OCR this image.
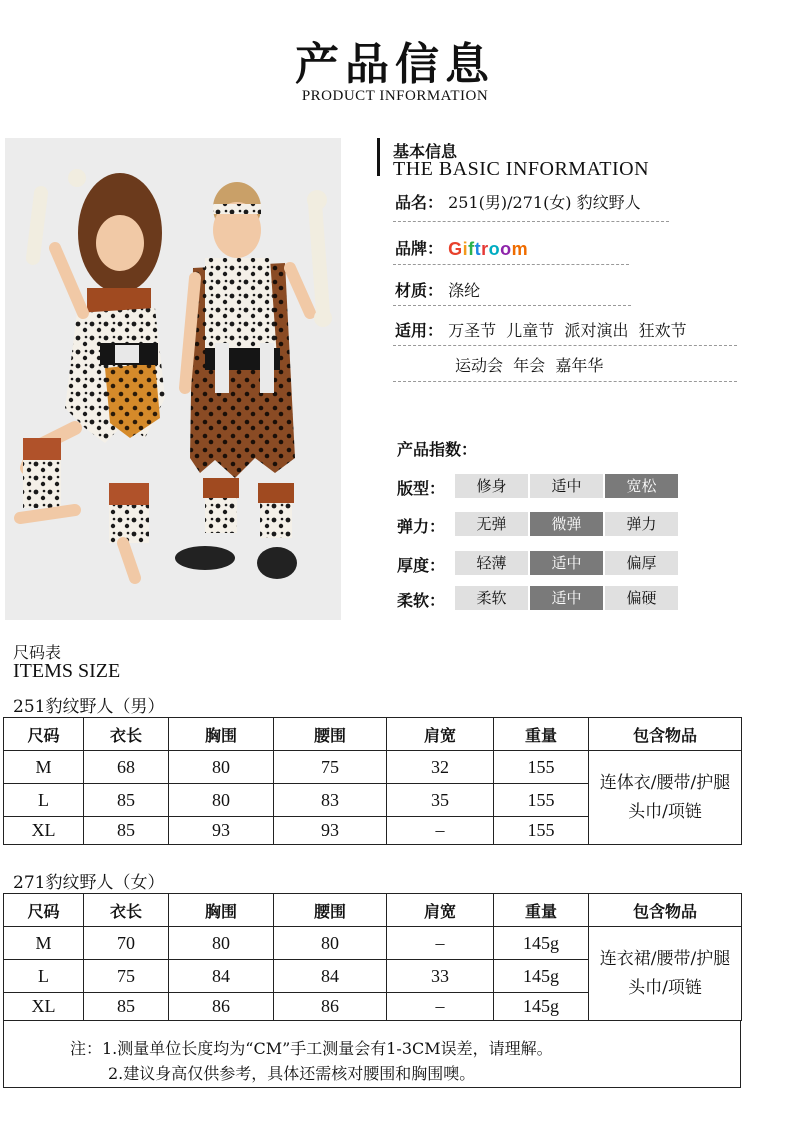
产品信息
PRODUCT INFORMATION
基本信息
THE BASIC INFORMATION
品名： 251(男)/271(女) 豹纹野人
品牌： Giftroom
材质： 涤纶
适用： 万圣节  儿童节  派对演出  狂欢节
运动会  年会  嘉年华
产品指数：
版型：	修身	适中	宽松
弹力：	无弹	微弹	弹力
厚度：	轻薄	适中	偏厚
柔软：	柔软	适中	偏硬
尺码表
ITEMS SIZE
251豹纹野人（男）
尺码	衣长	胸围	腰围	肩宽	重量	包含物品
M	68	80	75	32	155	连体衣/腰带/护腿
头巾/项链

L	85	80	83	35	155	
XL	85	93	93	–	155	
271豹纹野人（女）
尺码	衣长	胸围	腰围	肩宽	重量	包含物品
M	70	80	80	–	145g	连衣裙/腰带/护腿
头巾/项链

L	75	84	84	33	145g	
XL	85	86	86	–	145g	
注：1.测量单位长度均为“CM”手工测量会有1-3CM误差，请理解。
2.建议身高仅供参考，具体还需核对腰围和胸围噢。
